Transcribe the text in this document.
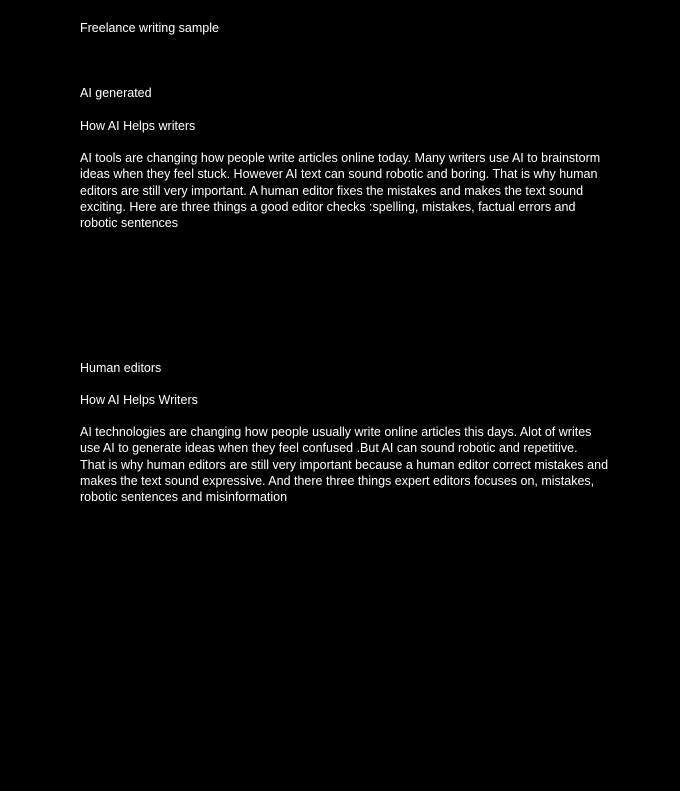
Freelance writing sample
AI generated
How AI Helps writers
AI tools are changing how people write articles online today. Many writers use AI to brainstorm
ideas when they feel stuck. However AI text can sound robotic and boring. That is why human
editors are still very important. A human editor fixes the mistakes and makes the text sound
exciting. Here are three things a good editor checks :spelling, mistakes, factual errors and
robotic sentences
Human editors
How AI Helps Writers
AI technologies are changing how people usually write online articles this days. Alot of writes
use AI to generate ideas when they feel confused .But AI can sound robotic and repetitive.
That is why human editors are still very important because a human editor correct mistakes and
makes the text sound expressive. And there three things expert editors focuses on, mistakes,
robotic sentences and misinformation
